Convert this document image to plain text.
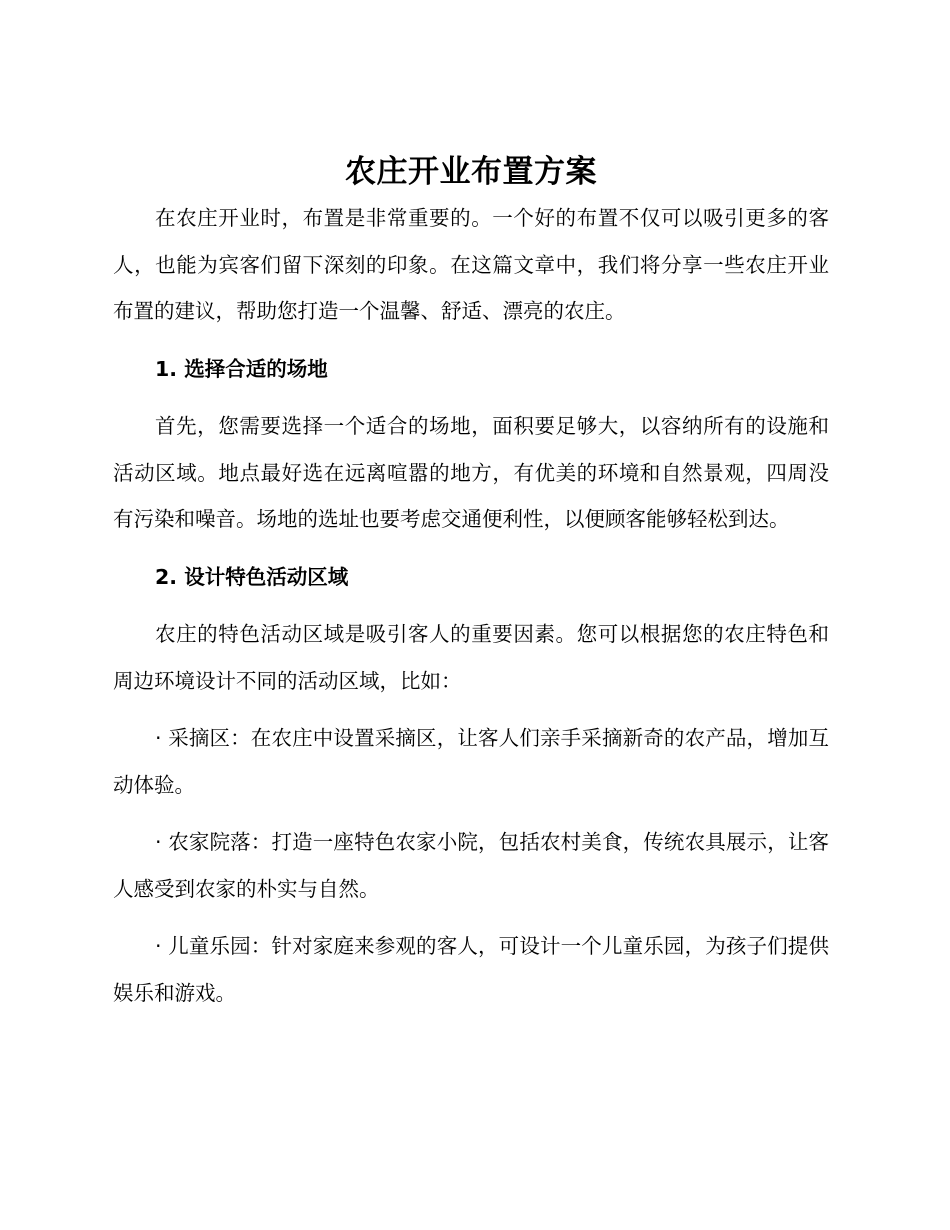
农庄开业布置方案

在农庄开业时，布置是非常重要的。一个好的布置不仅可以吸引更多的客人，也能为宾客们留下深刻的印象。在这篇文章中，我们将分享一些农庄开业布置的建议，帮助您打造一个温馨、舒适、漂亮的农庄。

1. 选择合适的场地

首先，您需要选择一个适合的场地，面积要足够大，以容纳所有的设施和活动区域。地点最好选在远离喧嚣的地方，有优美的环境和自然景观，四周没有污染和噪音。场地的选址也要考虑交通便利性，以便顾客能够轻松到达。

2. 设计特色活动区域

农庄的特色活动区域是吸引客人的重要因素。您可以根据您的农庄特色和周边环境设计不同的活动区域，比如：

· 采摘区：在农庄中设置采摘区，让客人们亲手采摘新奇的农产品，增加互动体验。

· 农家院落：打造一座特色农家小院，包括农村美食，传统农具展示，让客人感受到农家的朴实与自然。

· 儿童乐园：针对家庭来参观的客人，可设计一个儿童乐园，为孩子们提供娱乐和游戏。
